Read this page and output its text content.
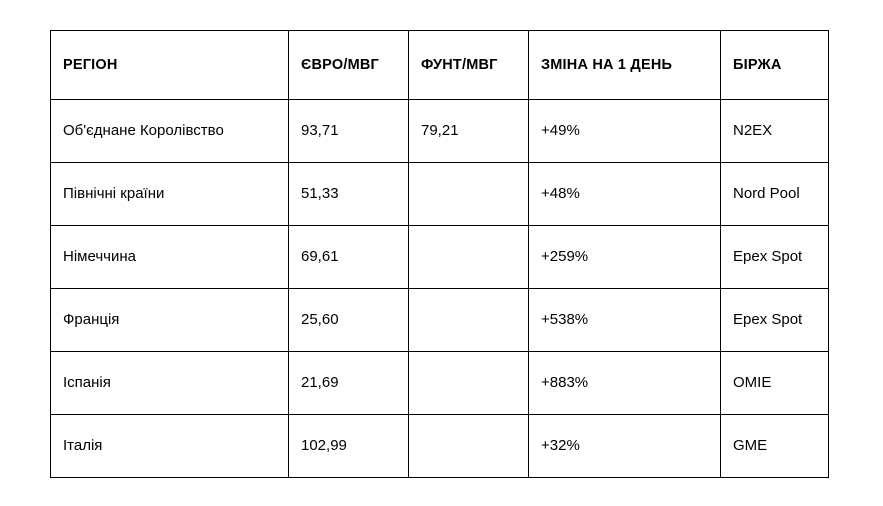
РЕГІОН	ЄВРО/МВГ	ФУНТ/МВГ	ЗМІНА НА 1 ДЕНЬ	БІРЖА
Об'єднане Королівство	93,71	79,21	+49%	N2EX
Північні країни	51,33		+48%	Nord Pool
Німеччина	69,61		+259%	Epex Spot
Франція	25,60		+538%	Epex Spot
Іспанія	21,69		+883%	OMIE
Італія	102,99		+32%	GME
